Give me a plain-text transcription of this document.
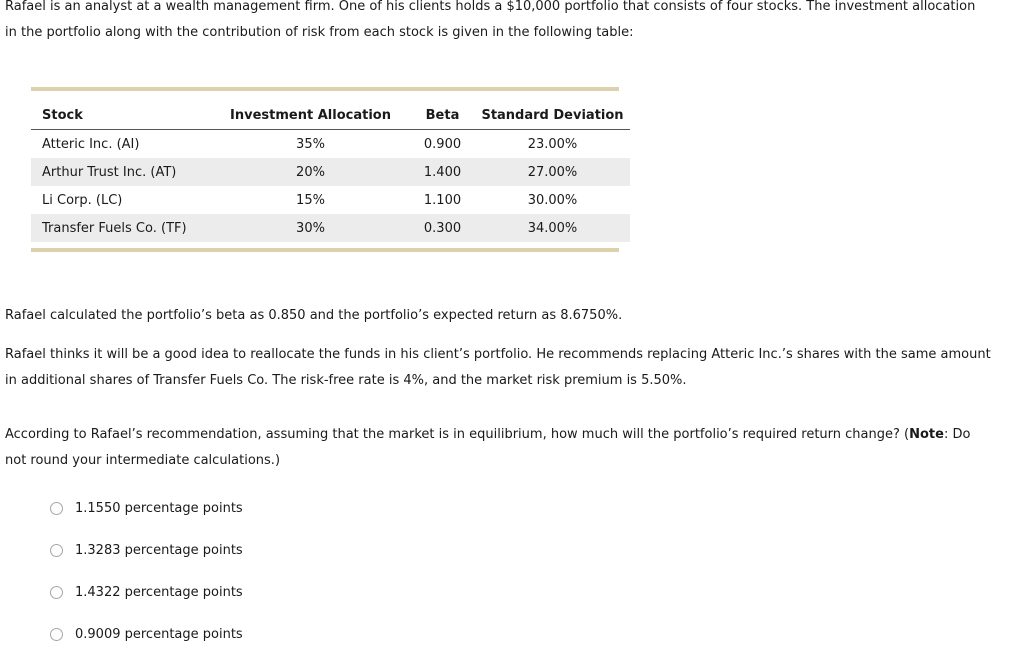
Rafael is an analyst at a wealth management firm. One of his clients holds a $10,000 portfolio that consists of four stocks. The investment allocation
in the portfolio along with the contribution of risk from each stock is given in the following table:

Stock	Investment Allocation	Beta	Standard Deviation
Atteric Inc. (AI)	35%	0.900	23.00%
Arthur Trust Inc. (AT)	20%	1.400	27.00%
Li Corp. (LC)	15%	1.100	30.00%
Transfer Fuels Co. (TF)	30%	0.300	34.00%

Rafael calculated the portfolio’s beta as 0.850 and the portfolio’s expected return as 8.6750%.

Rafael thinks it will be a good idea to reallocate the funds in his client’s portfolio. He recommends replacing Atteric Inc.’s shares with the same amount
in additional shares of Transfer Fuels Co. The risk-free rate is 4%, and the market risk premium is 5.50%.

According to Rafael’s recommendation, assuming that the market is in equilibrium, how much will the portfolio’s required return change? (Note: Do
not round your intermediate calculations.)

1.1550 percentage points
1.3283 percentage points
1.4322 percentage points
0.9009 percentage points
